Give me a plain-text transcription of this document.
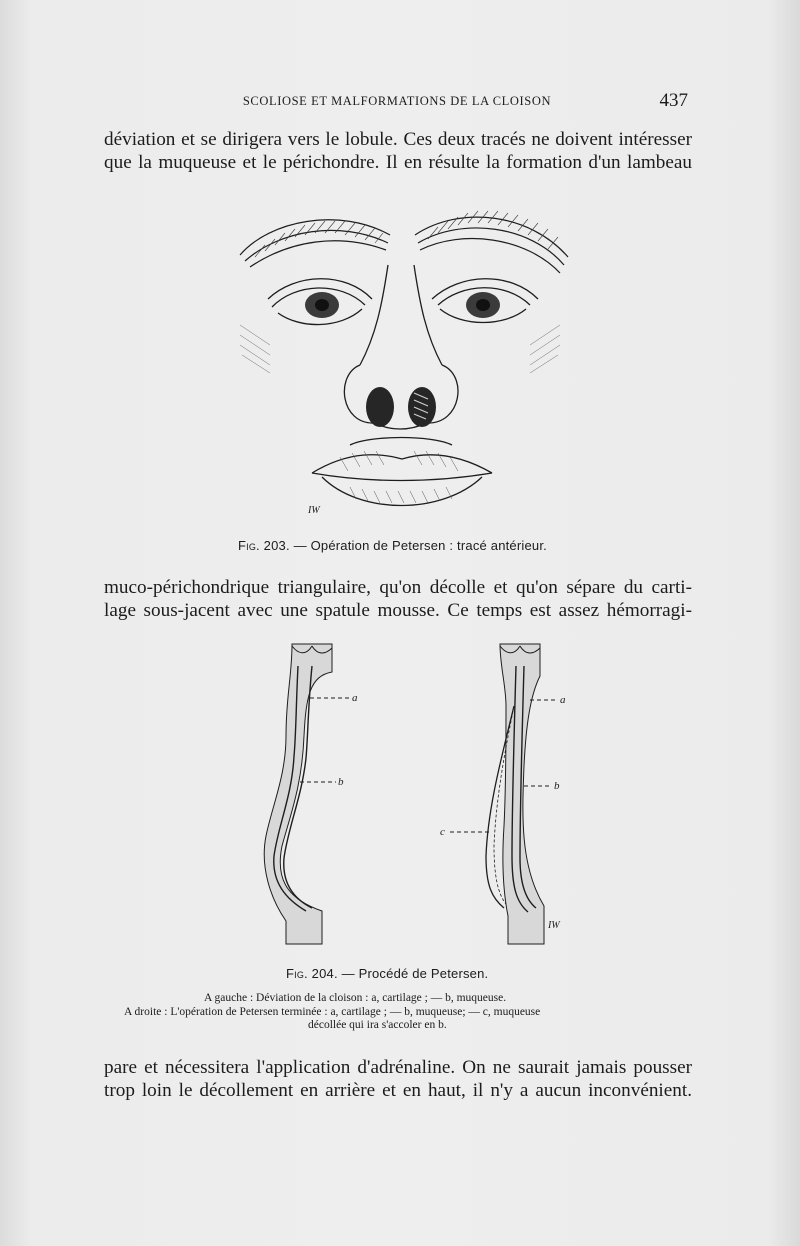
SCOLIOSE ET MALFORMATIONS DE LA CLOISON	437
déviation et se dirigera vers le lobule. Ces deux tracés ne doivent intéresser
que la muqueuse et le périchondre. Il en résulte la formation d'un lambeau
IW
Fig. 203. — Opération de Petersen : tracé antérieur.
muco-périchondrique triangulaire, qu'on décolle et qu'on sépare du carti-
lage sous-jacent avec une spatule mousse. Ce temps est assez hémorragi-
a
b
a
b
c
IW
Fig. 204. — Procédé de Petersen.
A gauche : Déviation de la cloison : a, cartilage ; — b, muqueuse.
A droite : L'opération de Petersen terminée : a, cartilage ; — b, muqueuse; — c, muqueuse
décollée qui ira s'accoler en b.
pare et nécessitera l'application d'adrénaline. On ne saurait jamais pousser
trop loin le décollement en arrière et en haut, il n'y a aucun inconvénient.
